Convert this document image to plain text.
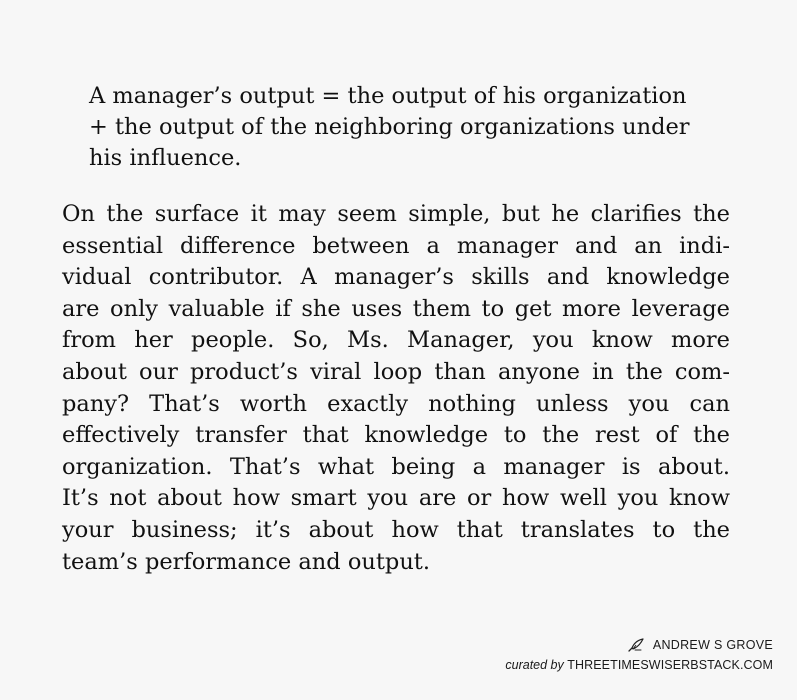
A manager’s output = the output of his organization
+ the output of the neighboring organizations under
his influence.
On the surface it may seem simple, but he clarifies the
essential difference between a manager and an indi-
vidual contributor. A manager’s skills and knowledge
are only valuable if she uses them to get more leverage
from her people. So, Ms. Manager, you know more
about our product’s viral loop than anyone in the com-
pany? That’s worth exactly nothing unless you can
effectively transfer that knowledge to the rest of the
organization. That’s what being a manager is about.
It’s not about how smart you are or how well you know
your business; it’s about how that translates to the
team’s performance and output.
ANDREW S GROVE
curated by THREETIMESWISERBSTACK.COM
